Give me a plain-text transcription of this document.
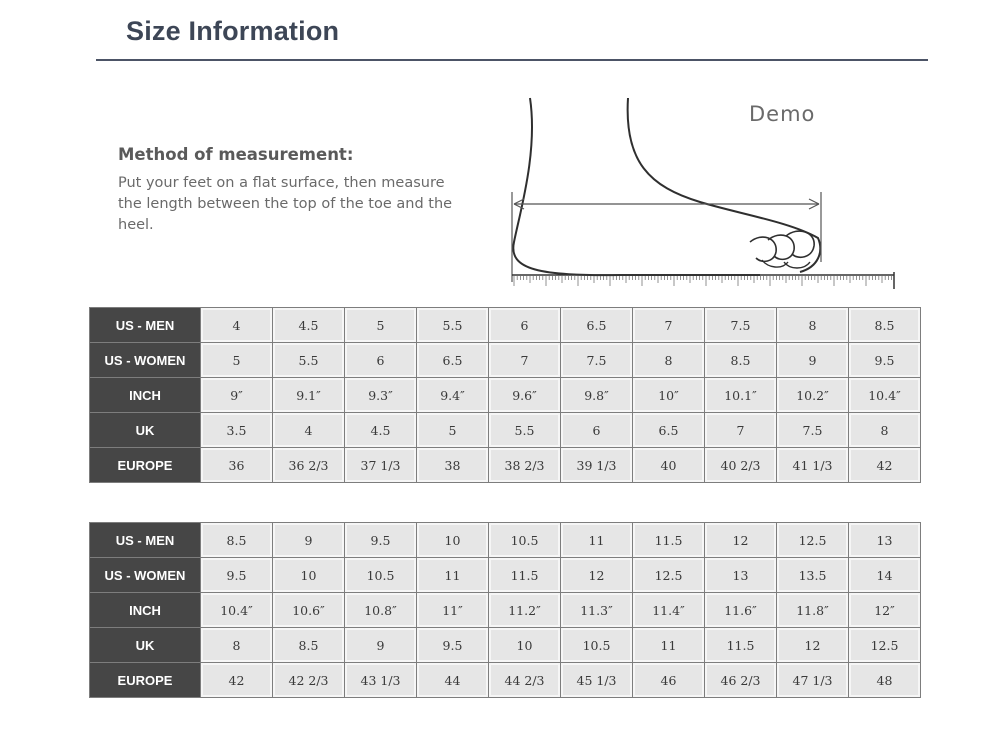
Size Information
Method of measurement:
Put your feet on a flat surface, then measure the length between the top of the toe and the heel.
Demo
US - MEN	4	4.5	5	5.5	6	6.5	7	7.5	8	8.5
US - WOMEN	5	5.5	6	6.5	7	7.5	8	8.5	9	9.5
INCH	9″	9.1″	9.3″	9.4″	9.6″	9.8″	10″	10.1″	10.2″	10.4″
UK	3.5	4	4.5	5	5.5	6	6.5	7	7.5	8
EUROPE	36	36 2/3	37 1/3	38	38 2/3	39 1/3	40	40 2/3	41 1/3	42
US - MEN	8.5	9	9.5	10	10.5	11	11.5	12	12.5	13
US - WOMEN	9.5	10	10.5	11	11.5	12	12.5	13	13.5	14
INCH	10.4″	10.6″	10.8″	11″	11.2″	11.3″	11.4″	11.6″	11.8″	12″
UK	8	8.5	9	9.5	10	10.5	11	11.5	12	12.5
EUROPE	42	42 2/3	43 1/3	44	44 2/3	45 1/3	46	46 2/3	47 1/3	48
